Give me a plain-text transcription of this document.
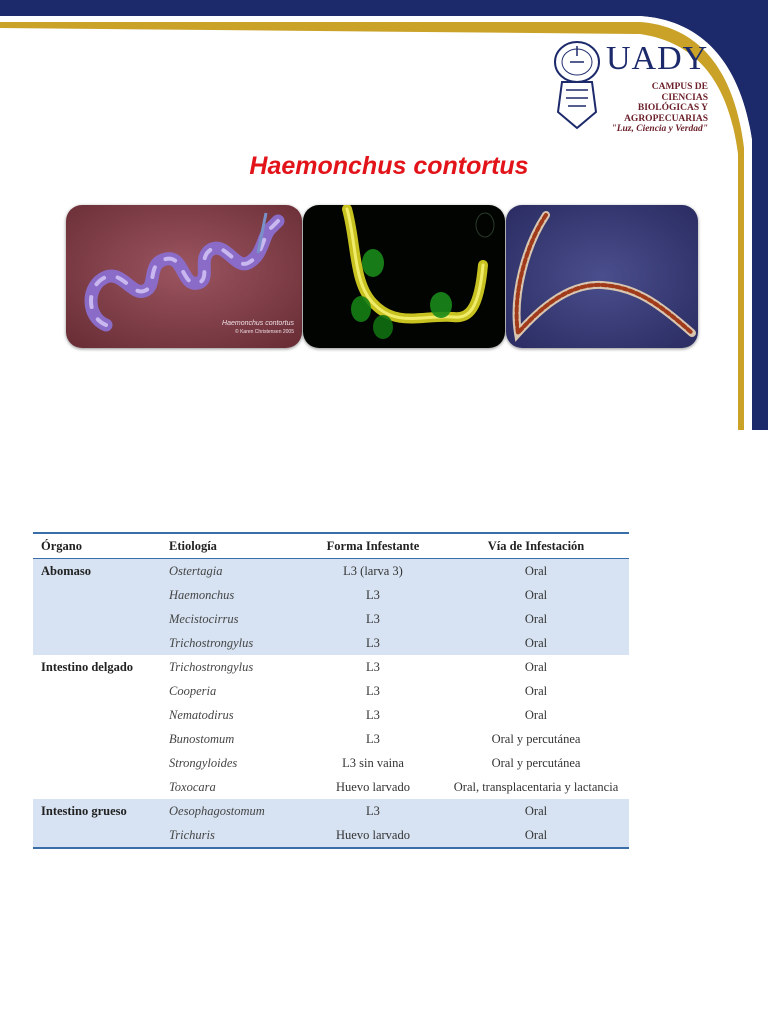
UADY
CAMPUS DE
CIENCIAS
BIOLÓGICAS Y
AGROPECUARIAS
"Luz, Ciencia y Verdad"
Haemonchus contortus
Haemonchus contortus
© Karen Christensen 2005
Órgano	Etiología	Forma Infestante	Vía de Infestación
Abomaso	Ostertagia	L3 (larva 3)	Oral
	Haemonchus	L3	Oral
	Mecistocirrus	L3	Oral
	Trichostrongylus	L3	Oral
Intestino delgado	Trichostrongylus	L3	Oral
	Cooperia	L3	Oral
	Nematodirus	L3	Oral
	Bunostomum	L3	Oral y percutánea
	Strongyloides	L3 sin vaina	Oral y percutánea
	Toxocara	Huevo larvado	Oral, transplacentaria y lactancia
Intestino grueso	Oesophagostomum	L3	Oral
	Trichuris	Huevo larvado	Oral
